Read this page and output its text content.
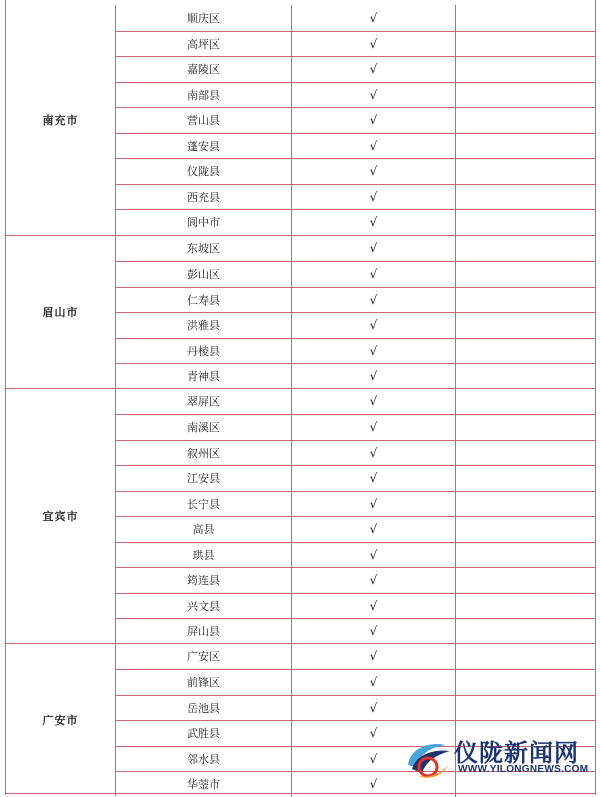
南充市
顺庆区	√
高坪区	√
嘉陵区	√
南部县	√
营山县	√
蓬安县	√
仪陇县	√
西充县	√
阆中市	√
眉山市
东坡区	√
彭山区	√
仁寿县	√
洪雅县	√
丹棱县	√
青神县	√
宜宾市
翠屏区	√
南溪区	√
叙州区	√
江安县	√
长宁县	√
高县	√
珙县	√
筠连县	√
兴文县	√
屏山县	√
广安市
广安区	√
前锋区	√
岳池县	√
武胜县	√
邻水县	√
华蓥市	√
仪陇新闻网
WWW.YILONGNEWS.COM
